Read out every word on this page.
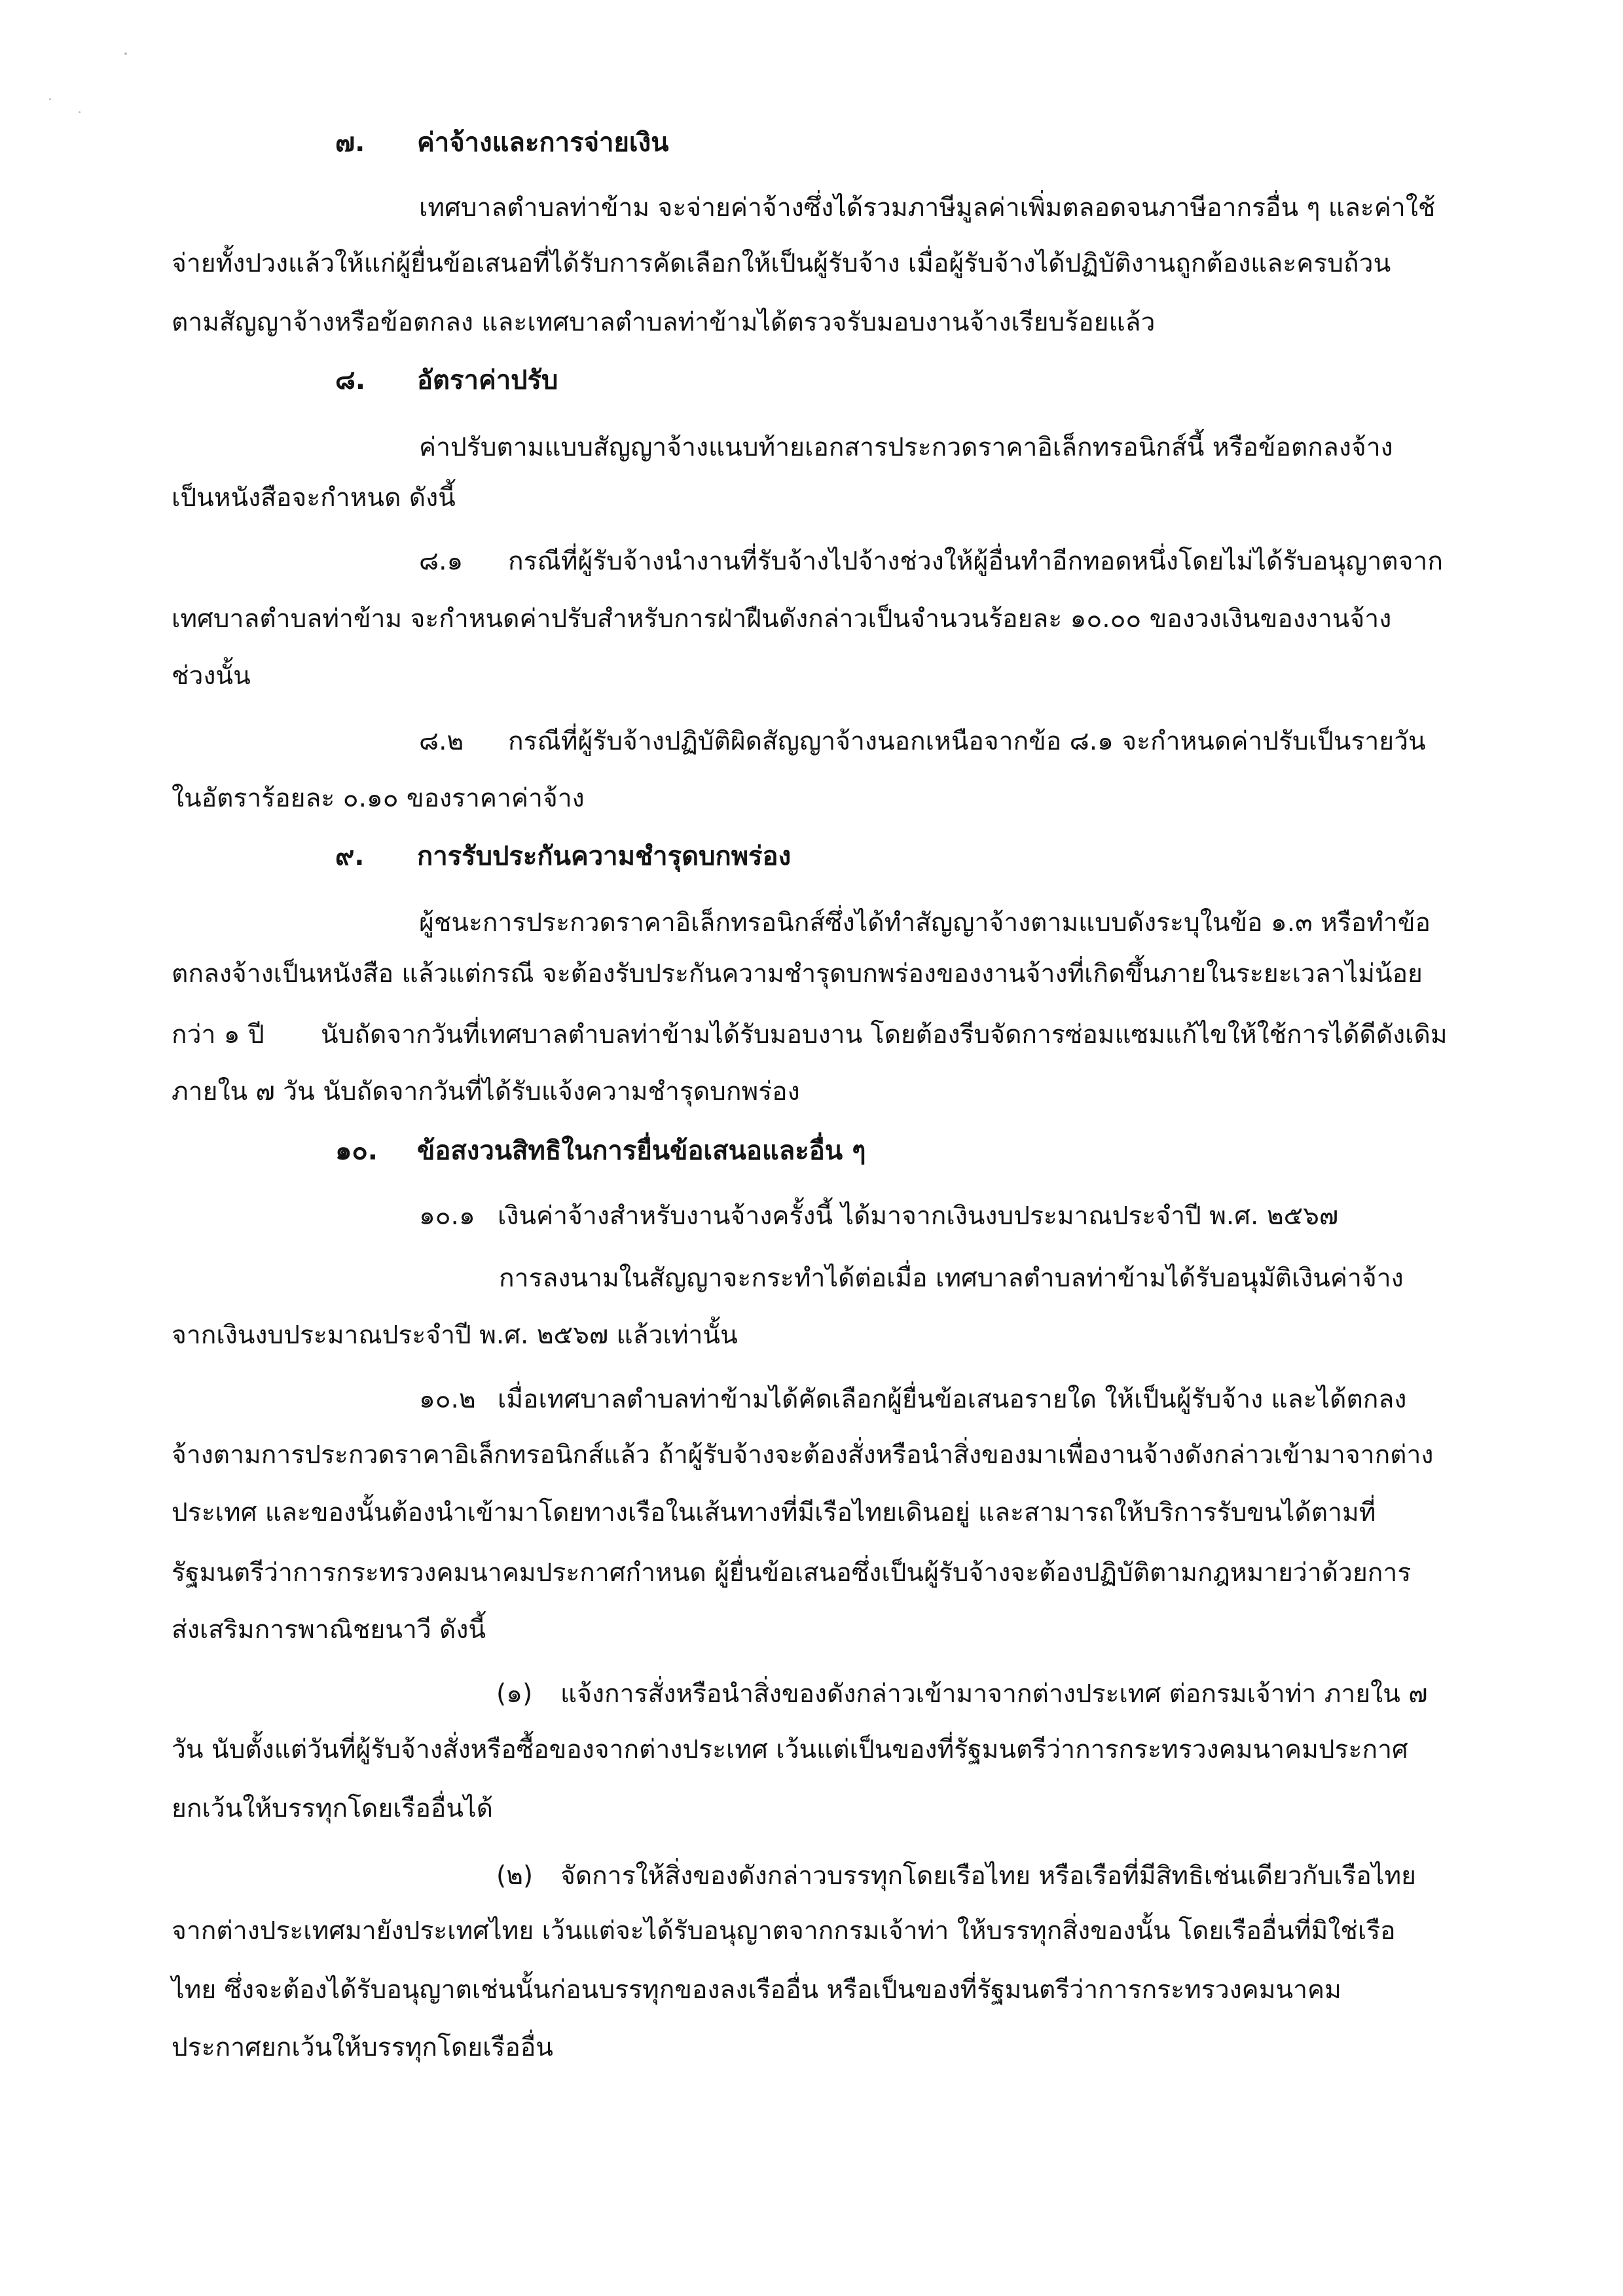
๗. ค่าจ้างและการจ่ายเงิน
เทศบาลตำบลท่าข้าม จะจ่ายค่าจ้างซึ่งได้รวมภาษีมูลค่าเพิ่มตลอดจนภาษีอากรอื่น ๆ และค่าใช้
จ่ายทั้งปวงแล้วให้แก่ผู้ยื่นข้อเสนอที่ได้รับการคัดเลือกให้เป็นผู้รับจ้าง เมื่อผู้รับจ้างได้ปฏิบัติงานถูกต้องและครบถ้วน
ตามสัญญาจ้างหรือข้อตกลง และเทศบาลตำบลท่าข้ามได้ตรวจรับมอบงานจ้างเรียบร้อยแล้ว
๘. อัตราค่าปรับ
ค่าปรับตามแบบสัญญาจ้างแนบท้ายเอกสารประกวดราคาอิเล็กทรอนิกส์นี้ หรือข้อตกลงจ้าง
เป็นหนังสือจะกำหนด ดังนี้
๘.๑ กรณีที่ผู้รับจ้างนำงานที่รับจ้างไปจ้างช่วงให้ผู้อื่นทำอีกทอดหนึ่งโดยไม่ได้รับอนุญาตจาก
เทศบาลตำบลท่าข้าม จะกำหนดค่าปรับสำหรับการฝ่าฝืนดังกล่าวเป็นจำนวนร้อยละ ๑๐.๐๐ ของวงเงินของงานจ้าง
ช่วงนั้น
๘.๒ กรณีที่ผู้รับจ้างปฏิบัติผิดสัญญาจ้างนอกเหนือจากข้อ ๘.๑ จะกำหนดค่าปรับเป็นรายวัน
ในอัตราร้อยละ ๐.๑๐ ของราคาค่าจ้าง
๙. การรับประกันความชำรุดบกพร่อง
ผู้ชนะการประกวดราคาอิเล็กทรอนิกส์ซึ่งได้ทำสัญญาจ้างตามแบบดังระบุในข้อ ๑.๓ หรือทำข้อ
ตกลงจ้างเป็นหนังสือ แล้วแต่กรณี จะต้องรับประกันความชำรุดบกพร่องของงานจ้างที่เกิดขึ้นภายในระยะเวลาไม่น้อย
กว่า ๑ ปี นับถัดจากวันที่เทศบาลตำบลท่าข้ามได้รับมอบงาน โดยต้องรีบจัดการซ่อมแซมแก้ไขให้ใช้การได้ดีดังเดิม
ภายใน ๗ วัน นับถัดจากวันที่ได้รับแจ้งความชำรุดบกพร่อง
๑๐. ข้อสงวนสิทธิในการยื่นข้อเสนอและอื่น ๆ
๑๐.๑ เงินค่าจ้างสำหรับงานจ้างครั้งนี้ ได้มาจากเงินงบประมาณประจำปี พ.ศ. ๒๕๖๗
การลงนามในสัญญาจะกระทำได้ต่อเมื่อ เทศบาลตำบลท่าข้ามได้รับอนุมัติเงินค่าจ้าง
จากเงินงบประมาณประจำปี พ.ศ. ๒๕๖๗ แล้วเท่านั้น
๑๐.๒ เมื่อเทศบาลตำบลท่าข้ามได้คัดเลือกผู้ยื่นข้อเสนอรายใด ให้เป็นผู้รับจ้าง และได้ตกลง
จ้างตามการประกวดราคาอิเล็กทรอนิกส์แล้ว ถ้าผู้รับจ้างจะต้องสั่งหรือนำสิ่งของมาเพื่องานจ้างดังกล่าวเข้ามาจากต่าง
ประเทศ และของนั้นต้องนำเข้ามาโดยทางเรือในเส้นทางที่มีเรือไทยเดินอยู่ และสามารถให้บริการรับขนได้ตามที่
รัฐมนตรีว่าการกระทรวงคมนาคมประกาศกำหนด ผู้ยื่นข้อเสนอซึ่งเป็นผู้รับจ้างจะต้องปฏิบัติตามกฎหมายว่าด้วยการ
ส่งเสริมการพาณิชยนาวี ดังนี้
(๑) แจ้งการสั่งหรือนำสิ่งของดังกล่าวเข้ามาจากต่างประเทศ ต่อกรมเจ้าท่า ภายใน ๗
วัน นับตั้งแต่วันที่ผู้รับจ้างสั่งหรือซื้อของจากต่างประเทศ เว้นแต่เป็นของที่รัฐมนตรีว่าการกระทรวงคมนาคมประกาศ
ยกเว้นให้บรรทุกโดยเรืออื่นได้
(๒) จัดการให้สิ่งของดังกล่าวบรรทุกโดยเรือไทย หรือเรือที่มีสิทธิเช่นเดียวกับเรือไทย
จากต่างประเทศมายังประเทศไทย เว้นแต่จะได้รับอนุญาตจากกรมเจ้าท่า ให้บรรทุกสิ่งของนั้น โดยเรืออื่นที่มิใช่เรือ
ไทย ซึ่งจะต้องได้รับอนุญาตเช่นนั้นก่อนบรรทุกของลงเรืออื่น หรือเป็นของที่รัฐมนตรีว่าการกระทรวงคมนาคม
ประกาศยกเว้นให้บรรทุกโดยเรืออื่น
